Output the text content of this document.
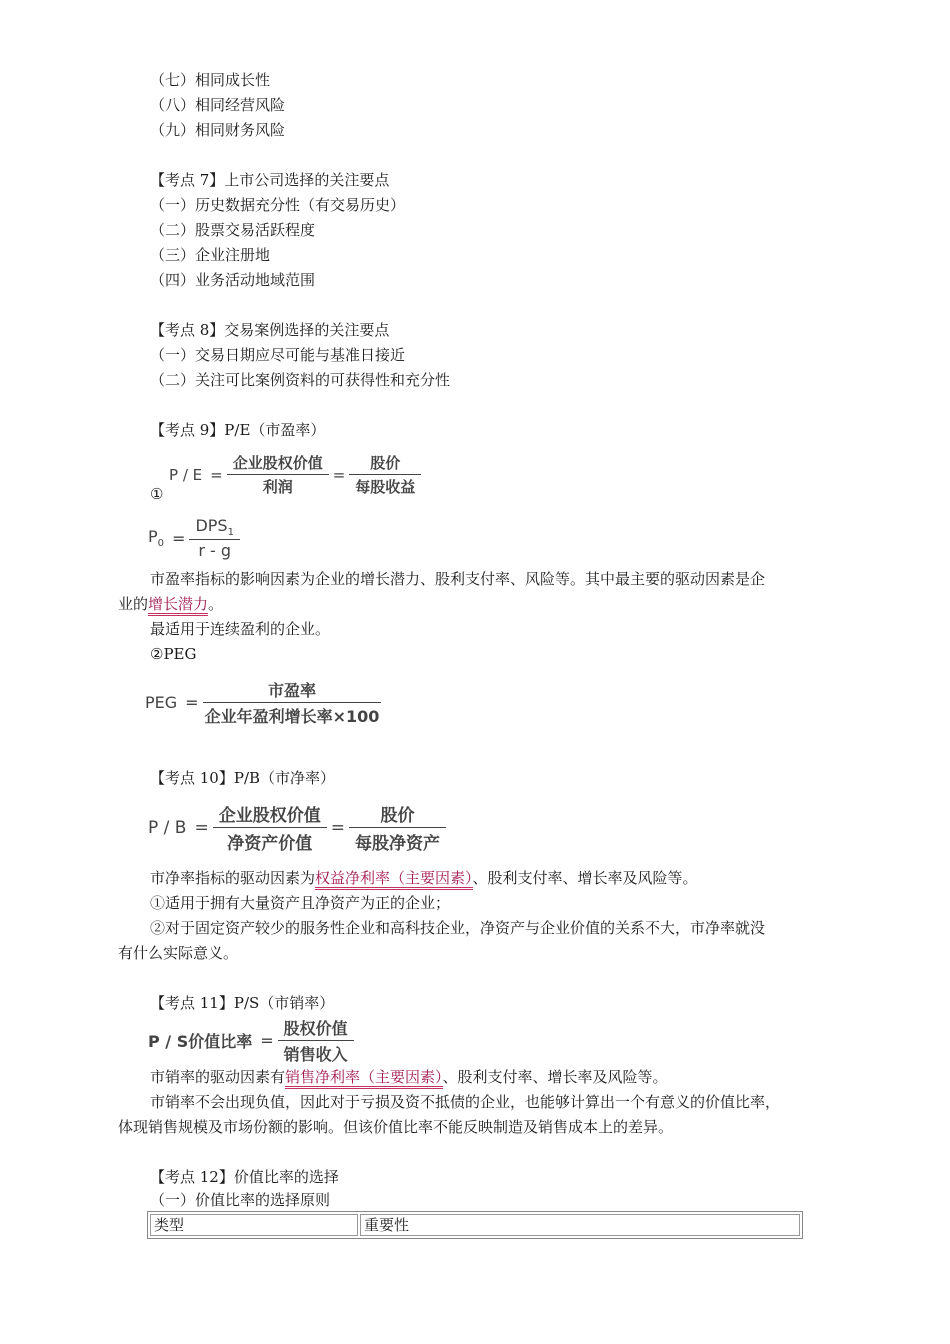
（七）相同成长性
（八）相同经营风险
（九）相同财务风险
【考点 7】上市公司选择的关注要点
（一）历史数据充分性（有交易历史）
（二）股票交易活跃程度
（三）企业注册地
（四）业务活动地域范围
【考点 8】交易案例选择的关注要点
（一）交易日期应尽可能与基准日接近
（二）关注可比案例资料的可获得性和充分性
【考点 9】P/E（市盈率）
$P / E = \frac{\text{企业股权价值}}{\text{利润}} = \frac{\text{股价}}{\text{每股收益}}$
①
$P_0 = \frac{DPS_1}{r - g}$
市盈率指标的影响因素为企业的增长潜力、股利支付率、风险等。其中最主要的驱动因素是企
业的增长潜力。
最适用于连续盈利的企业。
②PEG
PEG = $\frac{\text{市盈率}}{\text{企业年盈利增长率×100}}$
【考点 10】P/B（市净率）
$P / B = \frac{\text{企业股权价值}}{\text{净资产价值}} = \frac{\text{股价}}{\text{每股净资产}}$
市净率指标的驱动因素为权益净利率（主要因素）、股利支付率、增长率及风险等。
①适用于拥有大量资产且净资产为正的企业；
②对于固定资产较少的服务性企业和高科技企业，净资产与企业价值的关系不大，市净率就没
有什么实际意义。
【考点 11】P/S（市销率）
P / S价值比率 = $\frac{\text{股权价值}}{\text{销售收入}}$
市销率的驱动因素有销售净利率（主要因素）、股利支付率、增长率及风险等。
市销率不会出现负值，因此对于亏损及资不抵债的企业，也能够计算出一个有意义的价值比率，
体现销售规模及市场份额的影响。但该价值比率不能反映制造及销售成本上的差异。
【考点 12】价值比率的选择
（一）价值比率的选择原则
类型	重要性
